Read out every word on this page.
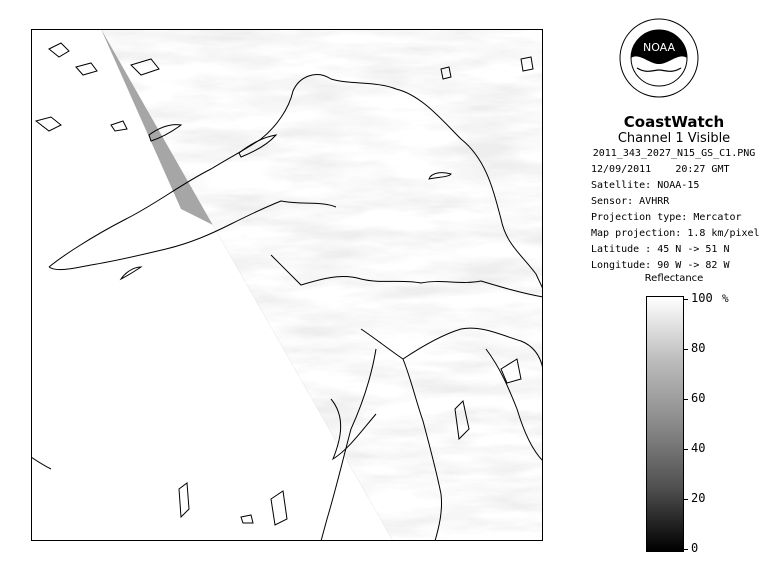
NOAA
CoastWatch
Channel 1 Visible
2011_343_2027_N15_GS_C1.PNG
12/09/2011 20:27 GMT
Satellite: NOAA-15
Sensor: AVHRR
Projection type: Mercator
Map projection: 1.8 km/pixel
Latitude : 45 N -> 51 N
Longitude: 90 W -> 82 W
Reflectance
100 %
80
60
40
20
0
